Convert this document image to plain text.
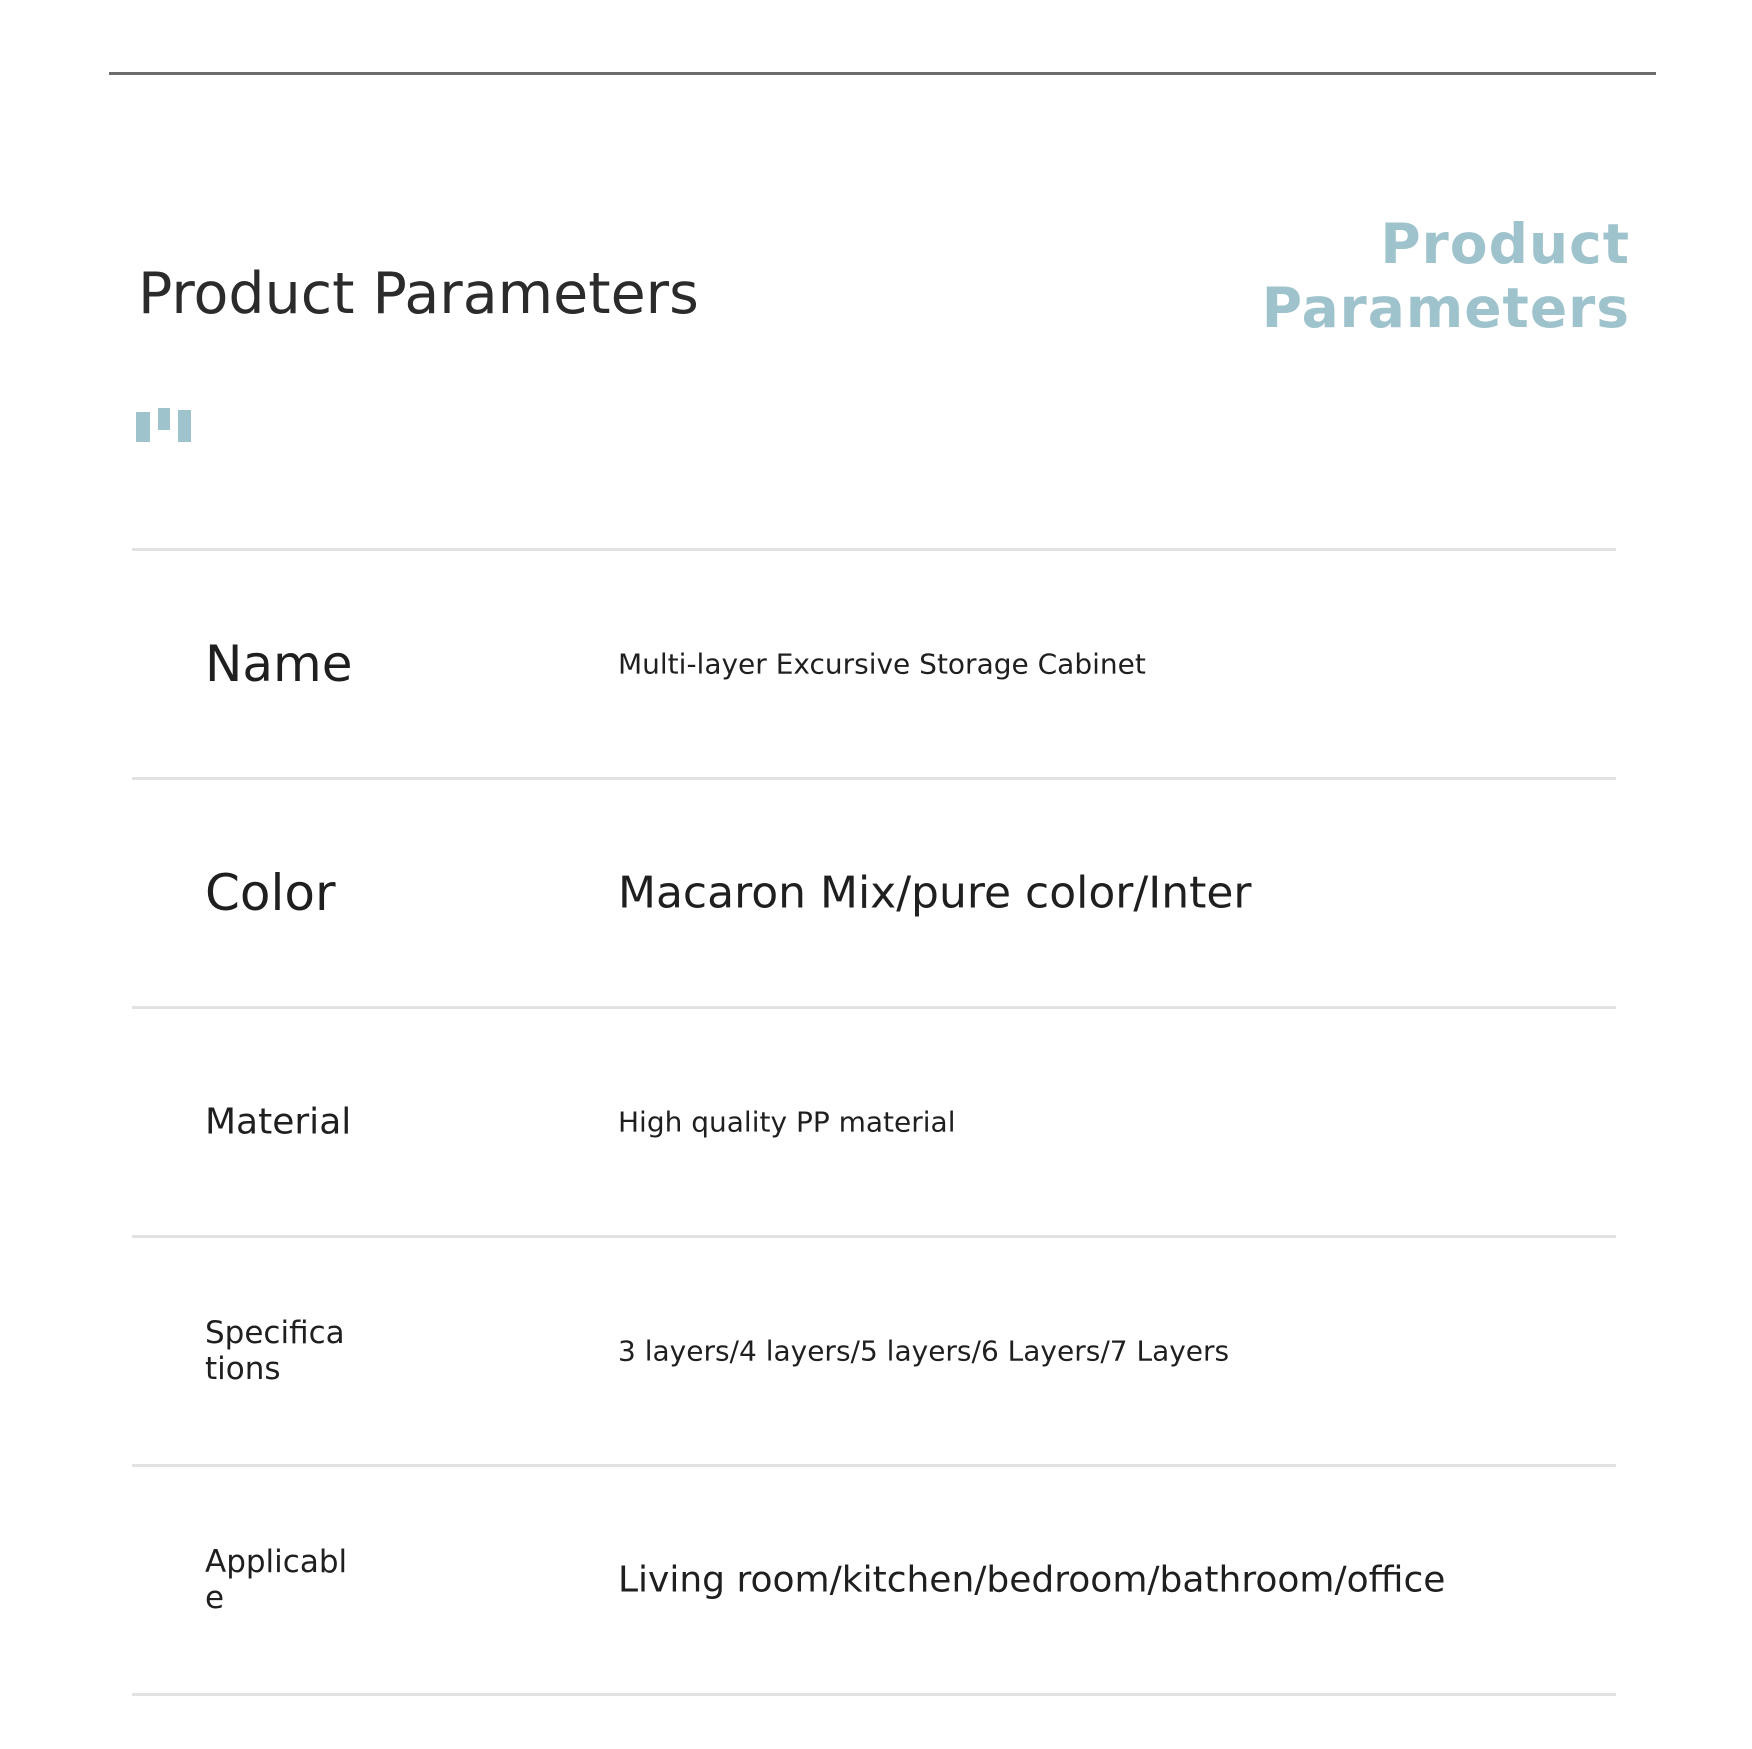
Product Parameters
Product
Parameters
Name	Multi-layer Excursive Storage Cabinet
Color	Macaron Mix/pure color/Inter
Material	High quality PP material
Specifications	3 layers/4 layers/5 layers/6 Layers/7 Layers
Applicable	Living room/kitchen/bedroom/bathroom/office
